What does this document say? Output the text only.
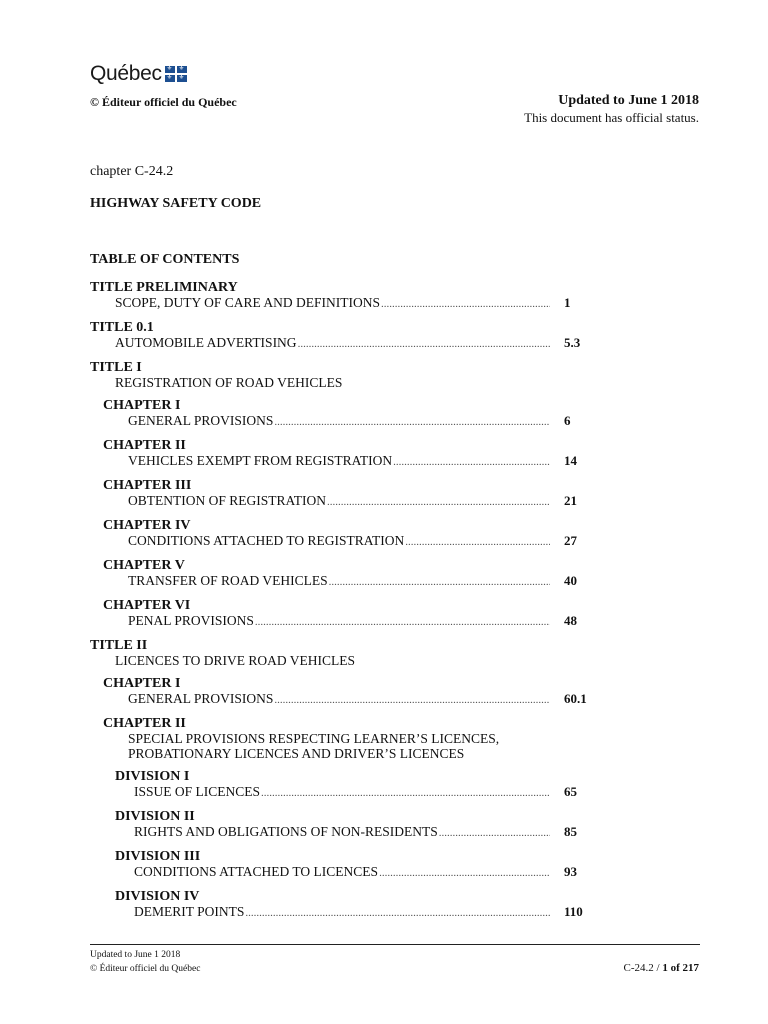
Québec ⚜ ⚜
⚜ ⚜
© Éditeur officiel du Québec	Updated to June 1 2018
This document has official status.
chapter C-24.2
HIGHWAY SAFETY CODE
TABLE OF CONTENTS
TITLE PRELIMINARY
SCOPE, DUTY OF CARE AND DEFINITIONS .....	1
TITLE 0.1
AUTOMOBILE ADVERTISING .....	5.3
TITLE I
REGISTRATION OF ROAD VEHICLES
CHAPTER I
GENERAL PROVISIONS .....	6
CHAPTER II
VEHICLES EXEMPT FROM REGISTRATION .....	14
CHAPTER III
OBTENTION OF REGISTRATION .....	21
CHAPTER IV
CONDITIONS ATTACHED TO REGISTRATION .....	27
CHAPTER V
TRANSFER OF ROAD VEHICLES .....	40
CHAPTER VI
PENAL PROVISIONS .....	48
TITLE II
LICENCES TO DRIVE ROAD VEHICLES
CHAPTER I
GENERAL PROVISIONS .....	60.1
CHAPTER II
SPECIAL PROVISIONS RESPECTING LEARNER’S LICENCES, PROBATIONARY LICENCES AND DRIVER’S LICENCES
DIVISION I
ISSUE OF LICENCES .....	65
DIVISION II
RIGHTS AND OBLIGATIONS OF NON-RESIDENTS .....	85
DIVISION III
CONDITIONS ATTACHED TO LICENCES .....	93
DIVISION IV
DEMERIT POINTS .....	110
Updated to June 1 2018
© Éditeur officiel du Québec	C-24.2 / 1 of 217
